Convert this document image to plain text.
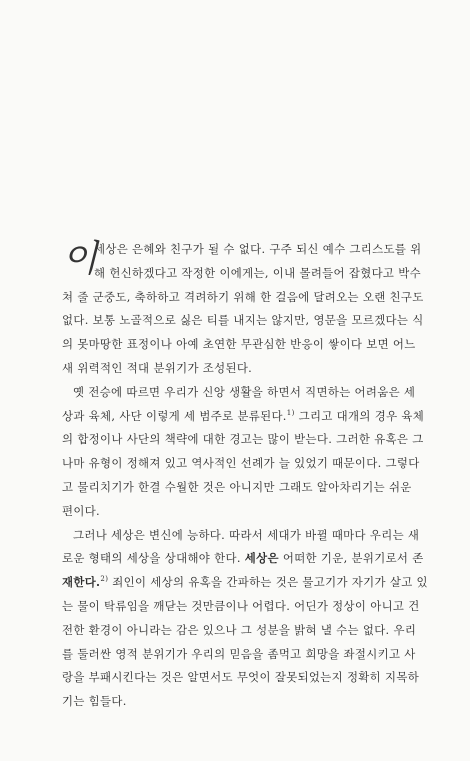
이
세상은 은혜와 친구가 될 수 없다. 구주 되신 예수 그리스도를 위

해 헌신하겠다고 작정한 이에게는, 이내 몰려들어 잡혔다고 박수

쳐 줄 군중도, 축하하고 격려하기 위해 한 걸음에 달려오는 오랜 친구도

없다. 보통 노골적으로 싫은 티를 내지는 않지만, 영문을 모르겠다는 식

의 못마땅한 표정이나 아예 초연한 무관심한 반응이 쌓이다 보면 어느

새 위력적인 적대 분위기가 조성된다.

옛 전승에 따르면 우리가 신앙 생활을 하면서 직면하는 어려움은 세

상과 육체, 사단 이렇게 세 범주로 분류된다.$^{1)}$ 그리고 대개의 경우 육체

의 합정이나 사단의 책략에 대한 경고는 많이 받는다. 그러한 유혹은 그

나마 유형이 정해져 있고 역사적인 선례가 늘 있었기 때문이다. 그렇다

고 물리치기가 한결 수월한 것은 아니지만 그래도 알아차리기는 쉬운

편이다.

그러나 세상은 변신에 능하다. 따라서 세대가 바뀔 때마다 우리는 새

로운 형태의 세상을 상대해야 한다. 세상은 어떠한 기운, 분위기로서 존

재한다.$^{2)}$ 죄인이 세상의 유혹을 간파하는 것은 물고기가 자기가 살고 있

는 물이 탁류임을 깨닫는 것만큼이나 어렵다. 어딘가 정상이 아니고 건

전한 환경이 아니라는 감은 있으나 그 성분을 밝혀 낼 수는 없다. 우리

를 둘러싼 영적 분위기가 우리의 믿음을 좀먹고 희망을 좌절시키고 사

랑을 부패시킨다는 것은 알면서도 무엇이 잘못되었는지 정확히 지목하

기는 힘들다.
